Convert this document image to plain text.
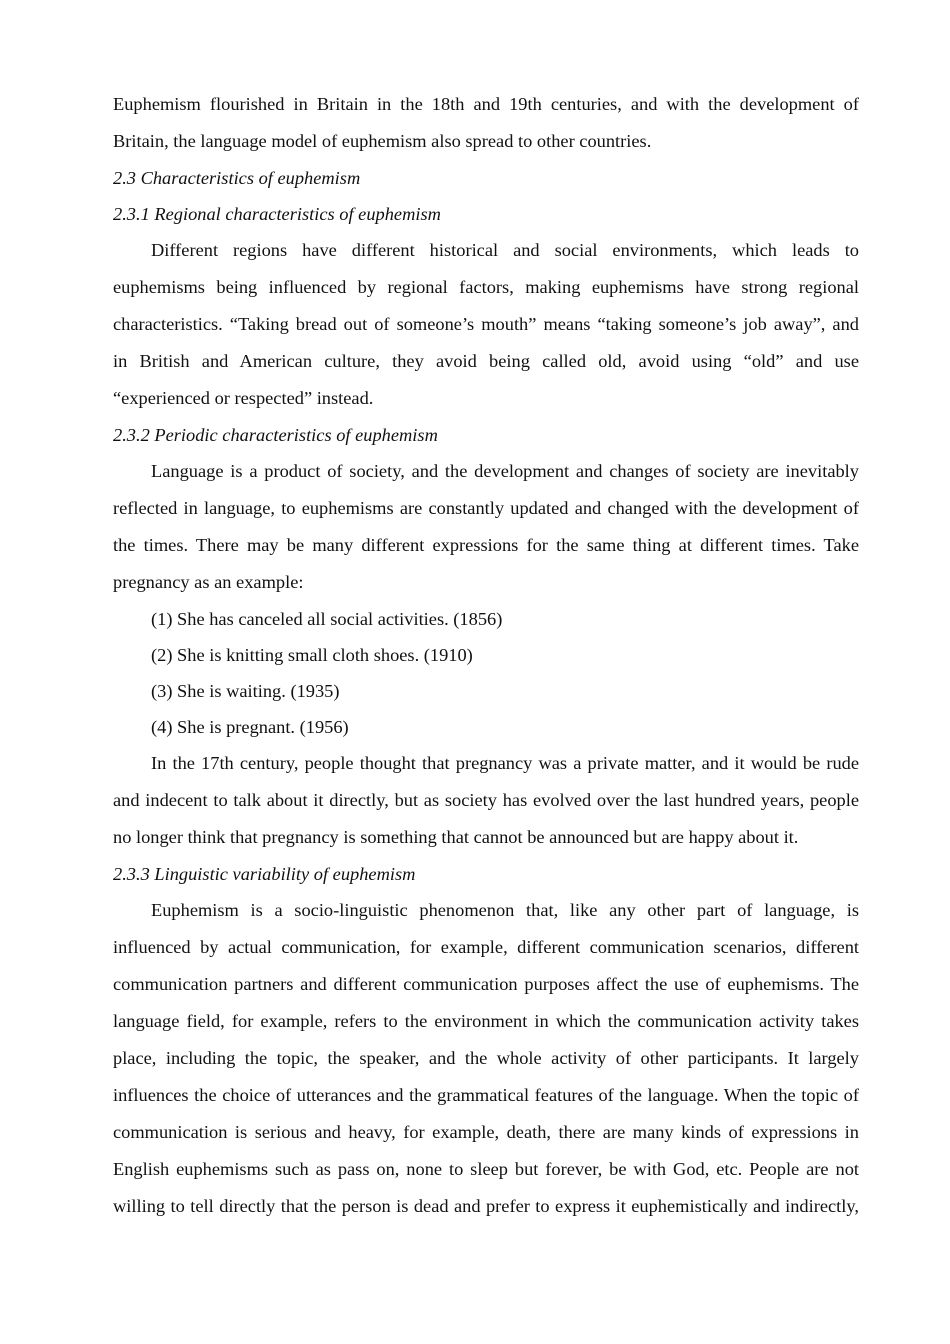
Euphemism flourished in Britain in the 18th and 19th centuries, and with the development of
Britain, the language model of euphemism also spread to other countries.
2.3 Characteristics of euphemism
2.3.1 Regional characteristics of euphemism
Different regions have different historical and social environments, which leads to
euphemisms being influenced by regional factors, making euphemisms have strong regional
characteristics. “Taking bread out of someone’s mouth” means “taking someone’s job away”, and
in British and American culture, they avoid being called old, avoid using “old” and use
“experienced or respected” instead.
2.3.2 Periodic characteristics of euphemism
Language is a product of society, and the development and changes of society are inevitably
reflected in language, to euphemisms are constantly updated and changed with the development of
the times. There may be many different expressions for the same thing at different times. Take
pregnancy as an example:
(1) She has canceled all social activities. (1856)
(2) She is knitting small cloth shoes. (1910)
(3) She is waiting. (1935)
(4) She is pregnant. (1956)
In the 17th century, people thought that pregnancy was a private matter, and it would be rude
and indecent to talk about it directly, but as society has evolved over the last hundred years, people
no longer think that pregnancy is something that cannot be announced but are happy about it.
2.3.3 Linguistic variability of euphemism
Euphemism is a socio-linguistic phenomenon that, like any other part of language, is
influenced by actual communication, for example, different communication scenarios, different
communication partners and different communication purposes affect the use of euphemisms. The
language field, for example, refers to the environment in which the communication activity takes
place, including the topic, the speaker, and the whole activity of other participants. It largely
influences the choice of utterances and the grammatical features of the language. When the topic of
communication is serious and heavy, for example, death, there are many kinds of expressions in
English euphemisms such as pass on, none to sleep but forever, be with God, etc. People are not
willing to tell directly that the person is dead and prefer to express it euphemistically and indirectly,
